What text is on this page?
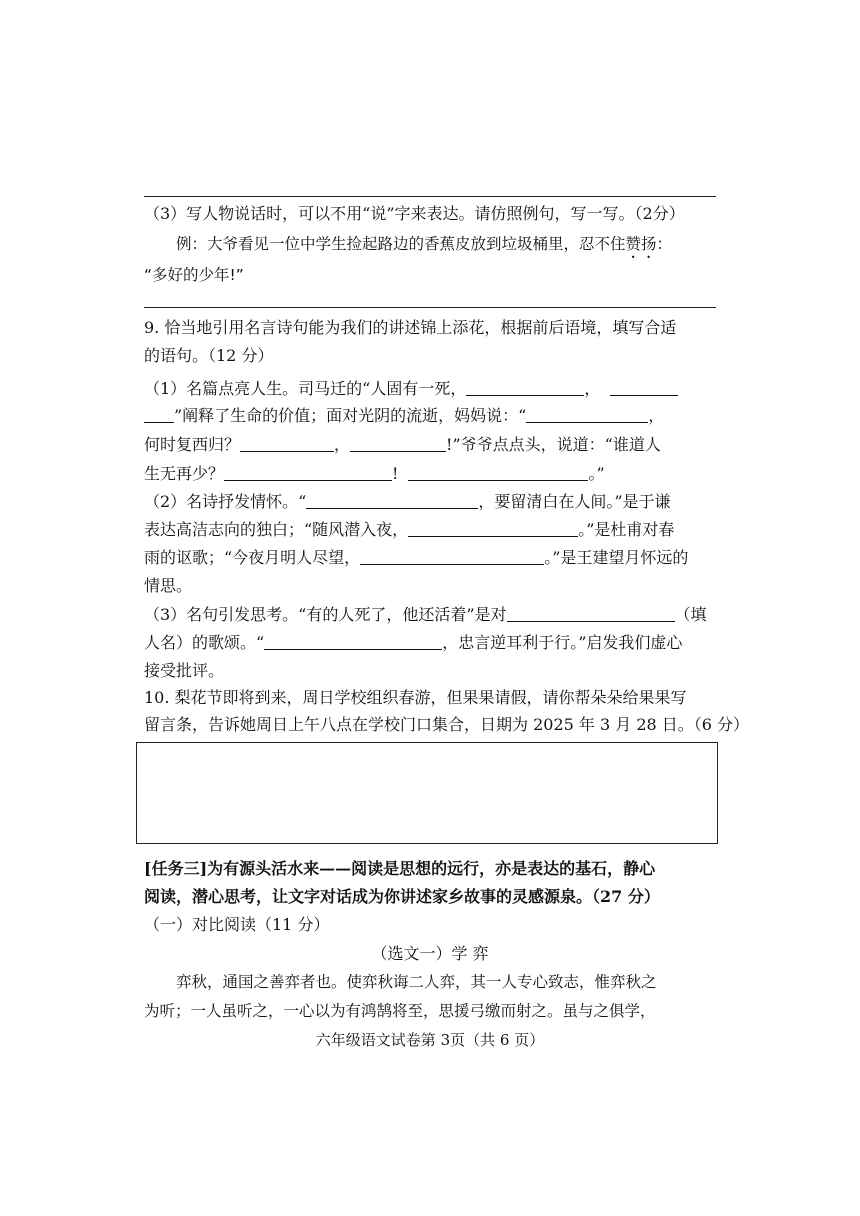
（3）写人物说话时，可以不用“说”字来表达。请仿照例句，写一写。（2分）
例：大爷看见一位中学生捡起路边的香蕉皮放到垃圾桶里，忍不住赞扬：
“多好的少年!”
9. 恰当地引用名言诗句能为我们的讲述锦上添花，根据前后语境，填写合适
的语句。（12 分）
（1）名篇点亮人生。司马迁的“人固有一死，	，
”阐释了生命的价值；面对光阴的流逝，妈妈说：“	，
何时复西归？	，	!”爷爷点点头，说道：“谁道人
生无再少？	!	。”
（2）名诗抒发情怀。“	，要留清白在人间。”是于谦
表达高洁志向的独白；“随风潜入夜，	。”是杜甫对春
雨的讴歌；“今夜月明人尽望，	。”是王建望月怀远的
情思。
（3）名句引发思考。“有的人死了，他还活着”是对	（填
人名）的歌颂。“	，忠言逆耳利于行。”启发我们虚心
接受批评。
10. 梨花节即将到来，周日学校组织春游，但果果请假，请你帮朵朵给果果写
留言条，告诉她周日上午八点在学校门口集合，日期为 2025 年 3 月 28 日。（6 分）
[任务三]为有源头活水来——阅读是思想的远行，亦是表达的基石，静心
阅读，潜心思考，让文字对话成为你讲述家乡故事的灵感源泉。（27 分）
（一）对比阅读（11 分）
（选文一）学 弈
弈秋，通国之善弈者也。使弈秋诲二人弈，其一人专心致志，惟弈秋之
为听；一人虽听之，一心以为有鸿鹄将至，思援弓缴而射之。虽与之俱学，
六年级语文试卷第 3页（共 6 页）
